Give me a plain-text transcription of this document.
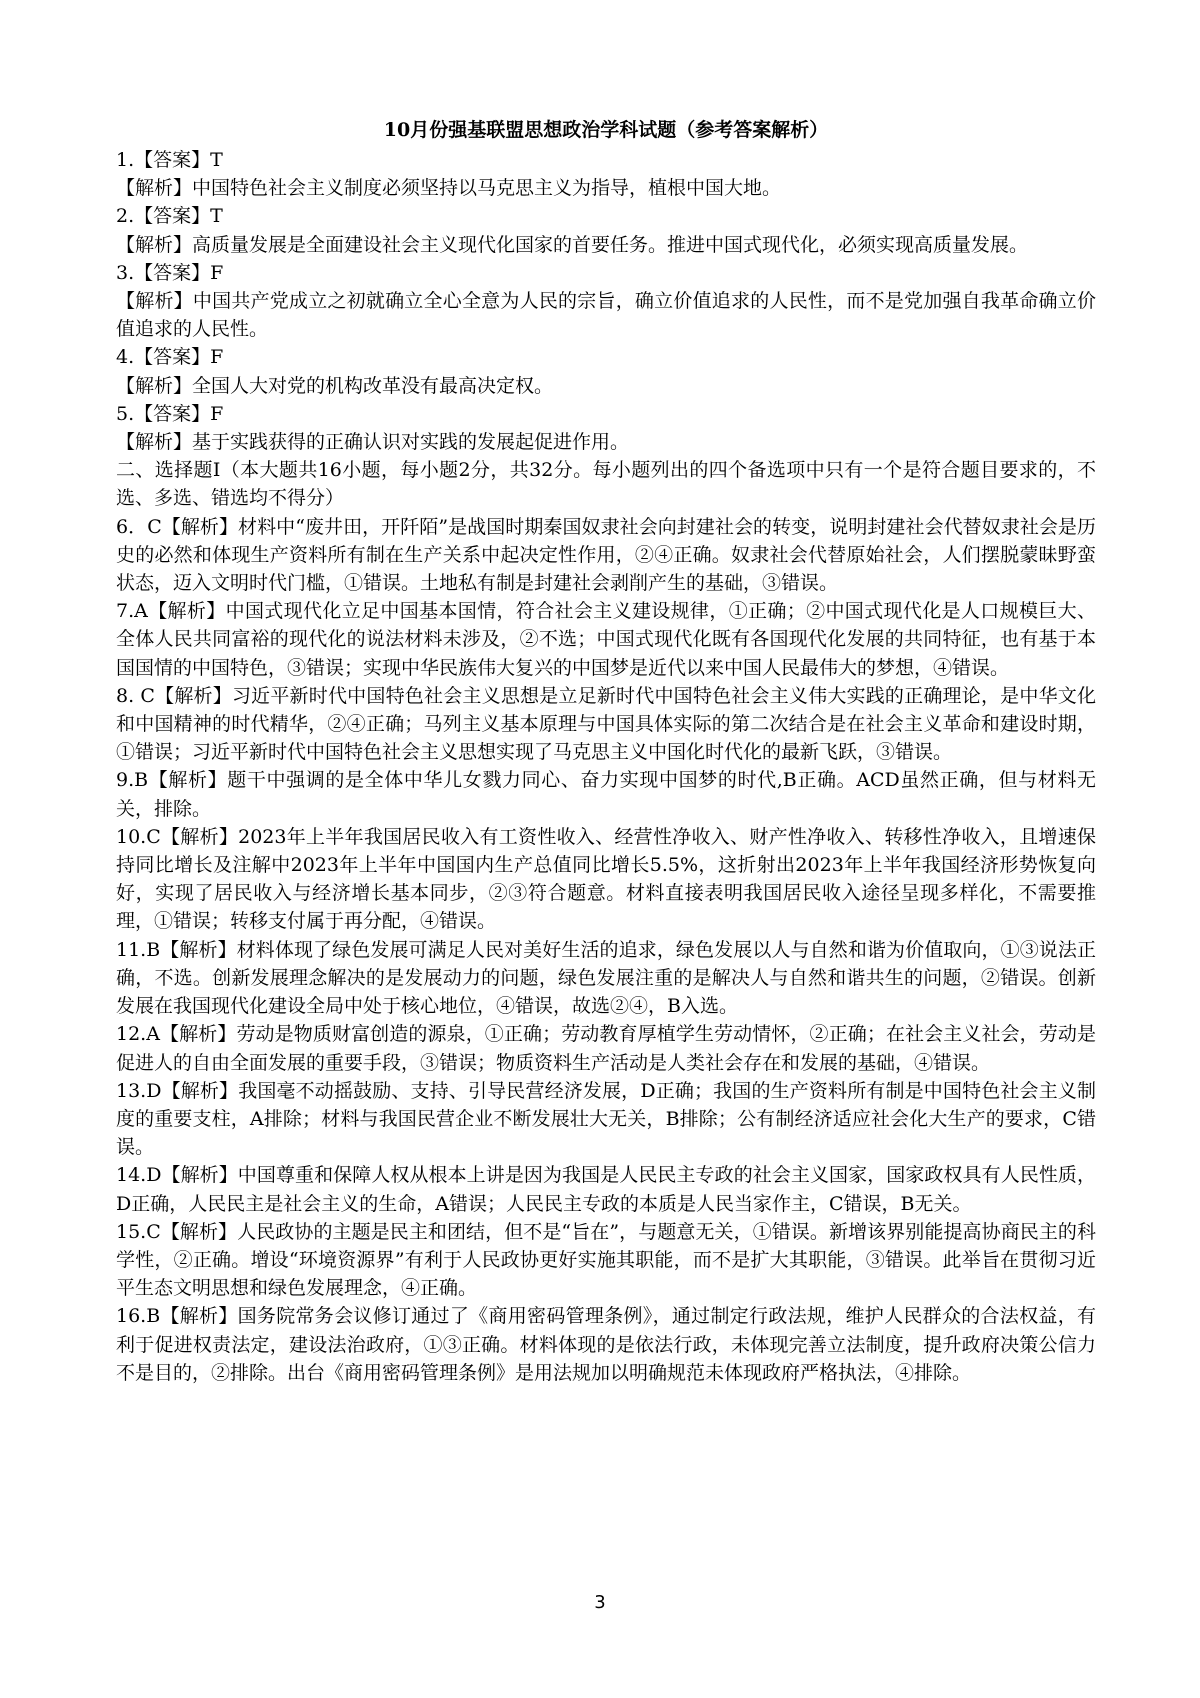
10月份强基联盟思想政治学科试题（参考答案解析）

1.【答案】T

【解析】中国特色社会主义制度必须坚持以马克思主义为指导，植根中国大地。

2.【答案】T

【解析】高质量发展是全面建设社会主义现代化国家的首要任务。推进中国式现代化，必须实现高质量发展。

3.【答案】F

【解析】中国共产党成立之初就确立全心全意为人民的宗旨，确立价值追求的人民性，而不是党加强自我革命确立价值追求的人民性。

4.【答案】F

【解析】全国人大对党的机构改革没有最高决定权。

5.【答案】F

【解析】基于实践获得的正确认识对实践的发展起促进作用。

二、选择题Ⅰ（本大题共16小题，每小题2分，共32分。每小题列出的四个备选项中只有一个是符合题目要求的，不选、多选、错选均不得分）

6．C【解析】材料中“废井田，开阡陌”是战国时期秦国奴隶社会向封建社会的转变，说明封建社会代替奴隶社会是历史的必然和体现生产资料所有制在生产关系中起决定性作用，②④正确。奴隶社会代替原始社会，人们摆脱蒙昧野蛮状态，迈入文明时代门槛，①错误。土地私有制是封建社会剥削产生的基础，③错误。

7.A【解析】中国式现代化立足中国基本国情，符合社会主义建设规律，①正确；②中国式现代化是人口规模巨大、全体人民共同富裕的现代化的说法材料未涉及，②不选；中国式现代化既有各国现代化发展的共同特征，也有基于本国国情的中国特色，③错误；实现中华民族伟大复兴的中国梦是近代以来中国人民最伟大的梦想，④错误。

8. C【解析】习近平新时代中国特色社会主义思想是立足新时代中国特色社会主义伟大实践的正确理论，是中华文化和中国精神的时代精华，②④正确；马列主义基本原理与中国具体实际的第二次结合是在社会主义革命和建设时期，①错误；习近平新时代中国特色社会主义思想实现了马克思主义中国化时代化的最新飞跃，③错误。

9.B【解析】题干中强调的是全体中华儿女戮力同心、奋力实现中国梦的时代,B正确。ACD虽然正确，但与材料无关，排除。

10.C【解析】2023年上半年我国居民收入有工资性收入、经营性净收入、财产性净收入、转移性净收入，且增速保持同比增长及注解中2023年上半年中国国内生产总值同比增长5.5%，这折射出2023年上半年我国经济形势恢复向好，实现了居民收入与经济增长基本同步，②③符合题意。材料直接表明我国居民收入途径呈现多样化，不需要推理，①错误；转移支付属于再分配，④错误。

11.B【解析】材料体现了绿色发展可满足人民对美好生活的追求，绿色发展以人与自然和谐为价值取向，①③说法正确，不选。创新发展理念解决的是发展动力的问题，绿色发展注重的是解决人与自然和谐共生的问题，②错误。创新发展在我国现代化建设全局中处于核心地位，④错误，故选②④，B入选。

12.A【解析】劳动是物质财富创造的源泉，①正确；劳动教育厚植学生劳动情怀，②正确；在社会主义社会，劳动是促进人的自由全面发展的重要手段，③错误；物质资料生产活动是人类社会存在和发展的基础，④错误。

13.D【解析】我国毫不动摇鼓励、支持、引导民营经济发展，D正确；我国的生产资料所有制是中国特色社会主义制度的重要支柱，A排除；材料与我国民营企业不断发展壮大无关，B排除；公有制经济适应社会化大生产的要求，C错误。

14.D【解析】中国尊重和保障人权从根本上讲是因为我国是人民民主专政的社会主义国家，国家政权具有人民性质，D正确，人民民主是社会主义的生命，A错误；人民民主专政的本质是人民当家作主，C错误，B无关。

15.C【解析】人民政协的主题是民主和团结，但不是“旨在”，与题意无关，①错误。新增该界别能提高协商民主的科学性，②正确。增设“环境资源界”有利于人民政协更好实施其职能，而不是扩大其职能，③错误。此举旨在贯彻习近平生态文明思想和绿色发展理念，④正确。

16.B【解析】国务院常务会议修订通过了《商用密码管理条例》，通过制定行政法规，维护人民群众的合法权益，有利于促进权责法定，建设法治政府，①③正确。材料体现的是依法行政，未体现完善立法制度，提升政府决策公信力不是目的，②排除。出台《商用密码管理条例》是用法规加以明确规范未体现政府严格执法，④排除。

3
